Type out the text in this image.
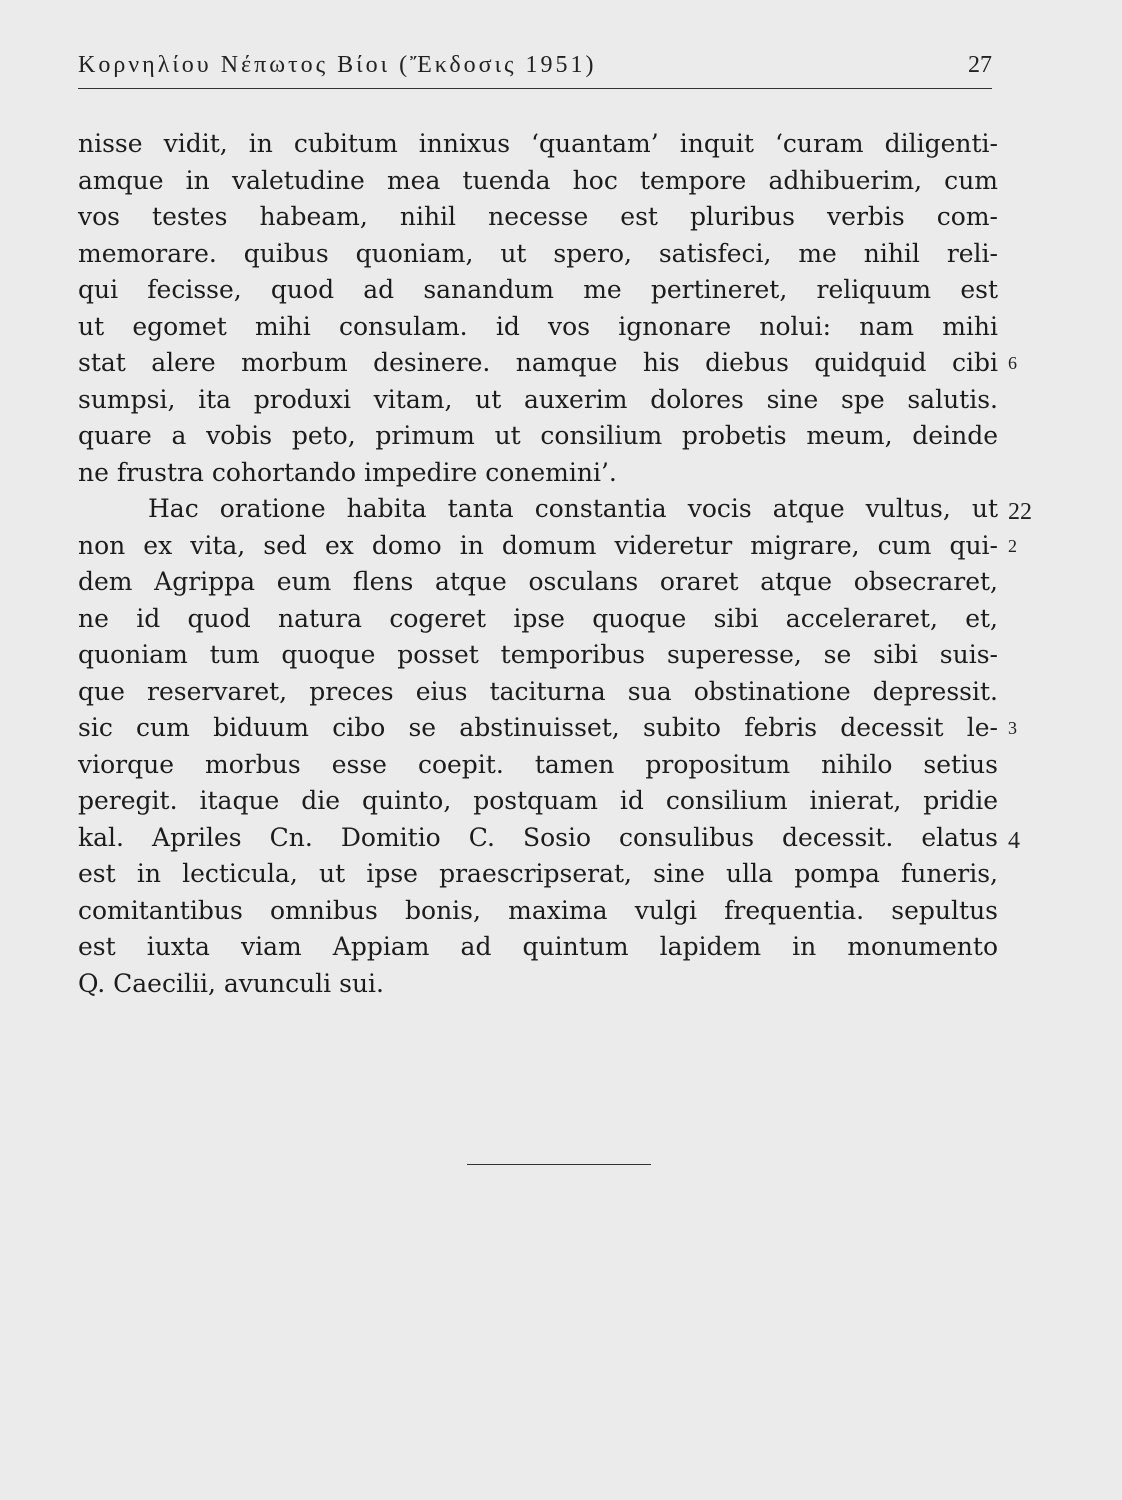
Κορνηλίου Νέπωτος Βίοι (Ἔκδοσις 1951)	27
nisse vidit, in cubitum innixus ‘quantam’ inquit ‘curam diligenti-
amque in valetudine mea tuenda hoc tempore adhibuerim, cum
vos testes habeam, nihil necesse est pluribus verbis com-
memorare. quibus quoniam, ut spero, satisfeci, me nihil reli-
qui fecisse, quod ad sanandum me pertineret, reliquum est
ut egomet mihi consulam. id vos ignonare nolui: nam mihi
stat alere morbum desinere. namque his diebus quidquid cibi 6
sumpsi, ita produxi vitam, ut auxerim dolores sine spe salutis.
quare a vobis peto, primum ut consilium probetis meum, deinde
ne frustra cohortando impedire conemini’.
Hac oratione habita tanta constantia vocis atque vultus, ut 22
non ex vita, sed ex domo in domum videretur migrare, cum qui- 2
dem Agrippa eum flens atque osculans oraret atque obsecraret,
ne id quod natura cogeret ipse quoque sibi acceleraret, et,
quoniam tum quoque posset temporibus superesse, se sibi suis-
que reservaret, preces eius taciturna sua obstinatione depressit.
sic cum biduum cibo se abstinuisset, subito febris decessit le- 3
viorque morbus esse coepit. tamen propositum nihilo setius
peregit. itaque die quinto, postquam id consilium inierat, pridie
kal. Apriles Cn. Domitio C. Sosio consulibus decessit. elatus 4
est in lecticula, ut ipse praescripserat, sine ulla pompa funeris,
comitantibus omnibus bonis, maxima vulgi frequentia. sepultus
est iuxta viam Appiam ad quintum lapidem in monumento
Q. Caecilii, avunculi sui.
